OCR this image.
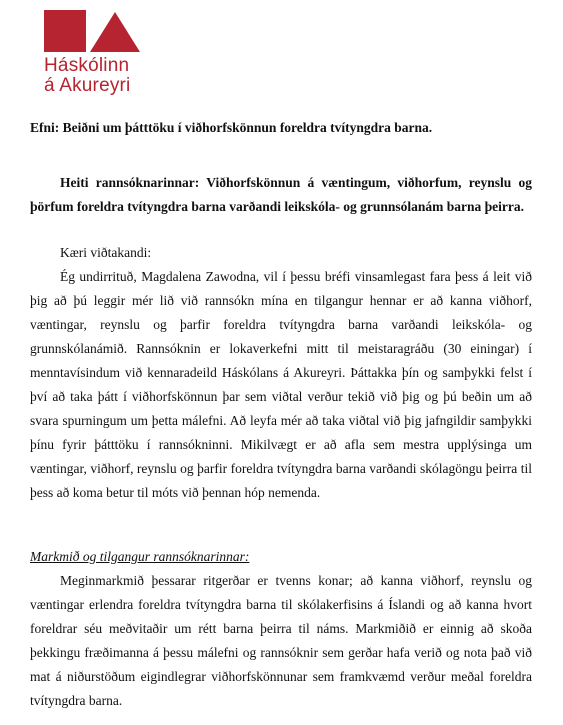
Háskólinn
á Akureyri
Efni: Beiðni um þátttöku í viðhorfskönnun foreldra tvítyngdra barna.
Heiti rannsóknarinnar: Viðhorfskönnun á væntingum, viðhorfum, reynslu og þörfum foreldra tvítyngdra barna varðandi leikskóla- og grunnsólanám barna þeirra.
Kæri viðtakandi:
Ég undirrituð, Magdalena Zawodna, vil í þessu bréfi vinsamlegast fara þess á leit við þig að þú leggir mér lið við rannsókn mína en tilgangur hennar er að kanna viðhorf, væntingar, reynslu og þarfir foreldra tvítyngdra barna varðandi leikskóla- og grunnskólanámið. Rannsóknin er lokaverkefni mitt til meistaragráðu (30 einingar) í menntavísindum við kennaradeild Háskólans á Akureyri. Þáttakka þín og samþykki felst í því að taka þátt í viðhorfskönnun þar sem viðtal verður tekið við þig og þú beðin um að svara spurningum um þetta málefni. Að leyfa mér að taka viðtal við þig jafngildir samþykki þínu fyrir þátttöku í rannsókninni. Mikilvægt er að afla sem mestra upplýsinga um væntingar, viðhorf, reynslu og þarfir foreldra tvítyngdra barna varðandi skólagöngu þeirra til þess að koma betur til móts við þennan hóp nemenda.
Markmið og tilgangur rannsóknarinnar:
Meginmarkmið þessarar ritgerðar er tvenns konar; að kanna viðhorf, reynslu og væntingar erlendra foreldra tvítyngdra barna til skólakerfisins á Íslandi og að kanna hvort foreldrar séu meðvitaðir um rétt barna þeirra til náms. Markmiðið er einnig að skoða þekkingu fræðimanna á þessu málefni og rannsóknir sem gerðar hafa verið og nota það við mat á niðurstöðum eigindlegrar viðhorfskönnunar sem framkvæmd verður meðal foreldra tvítyngdra barna.
